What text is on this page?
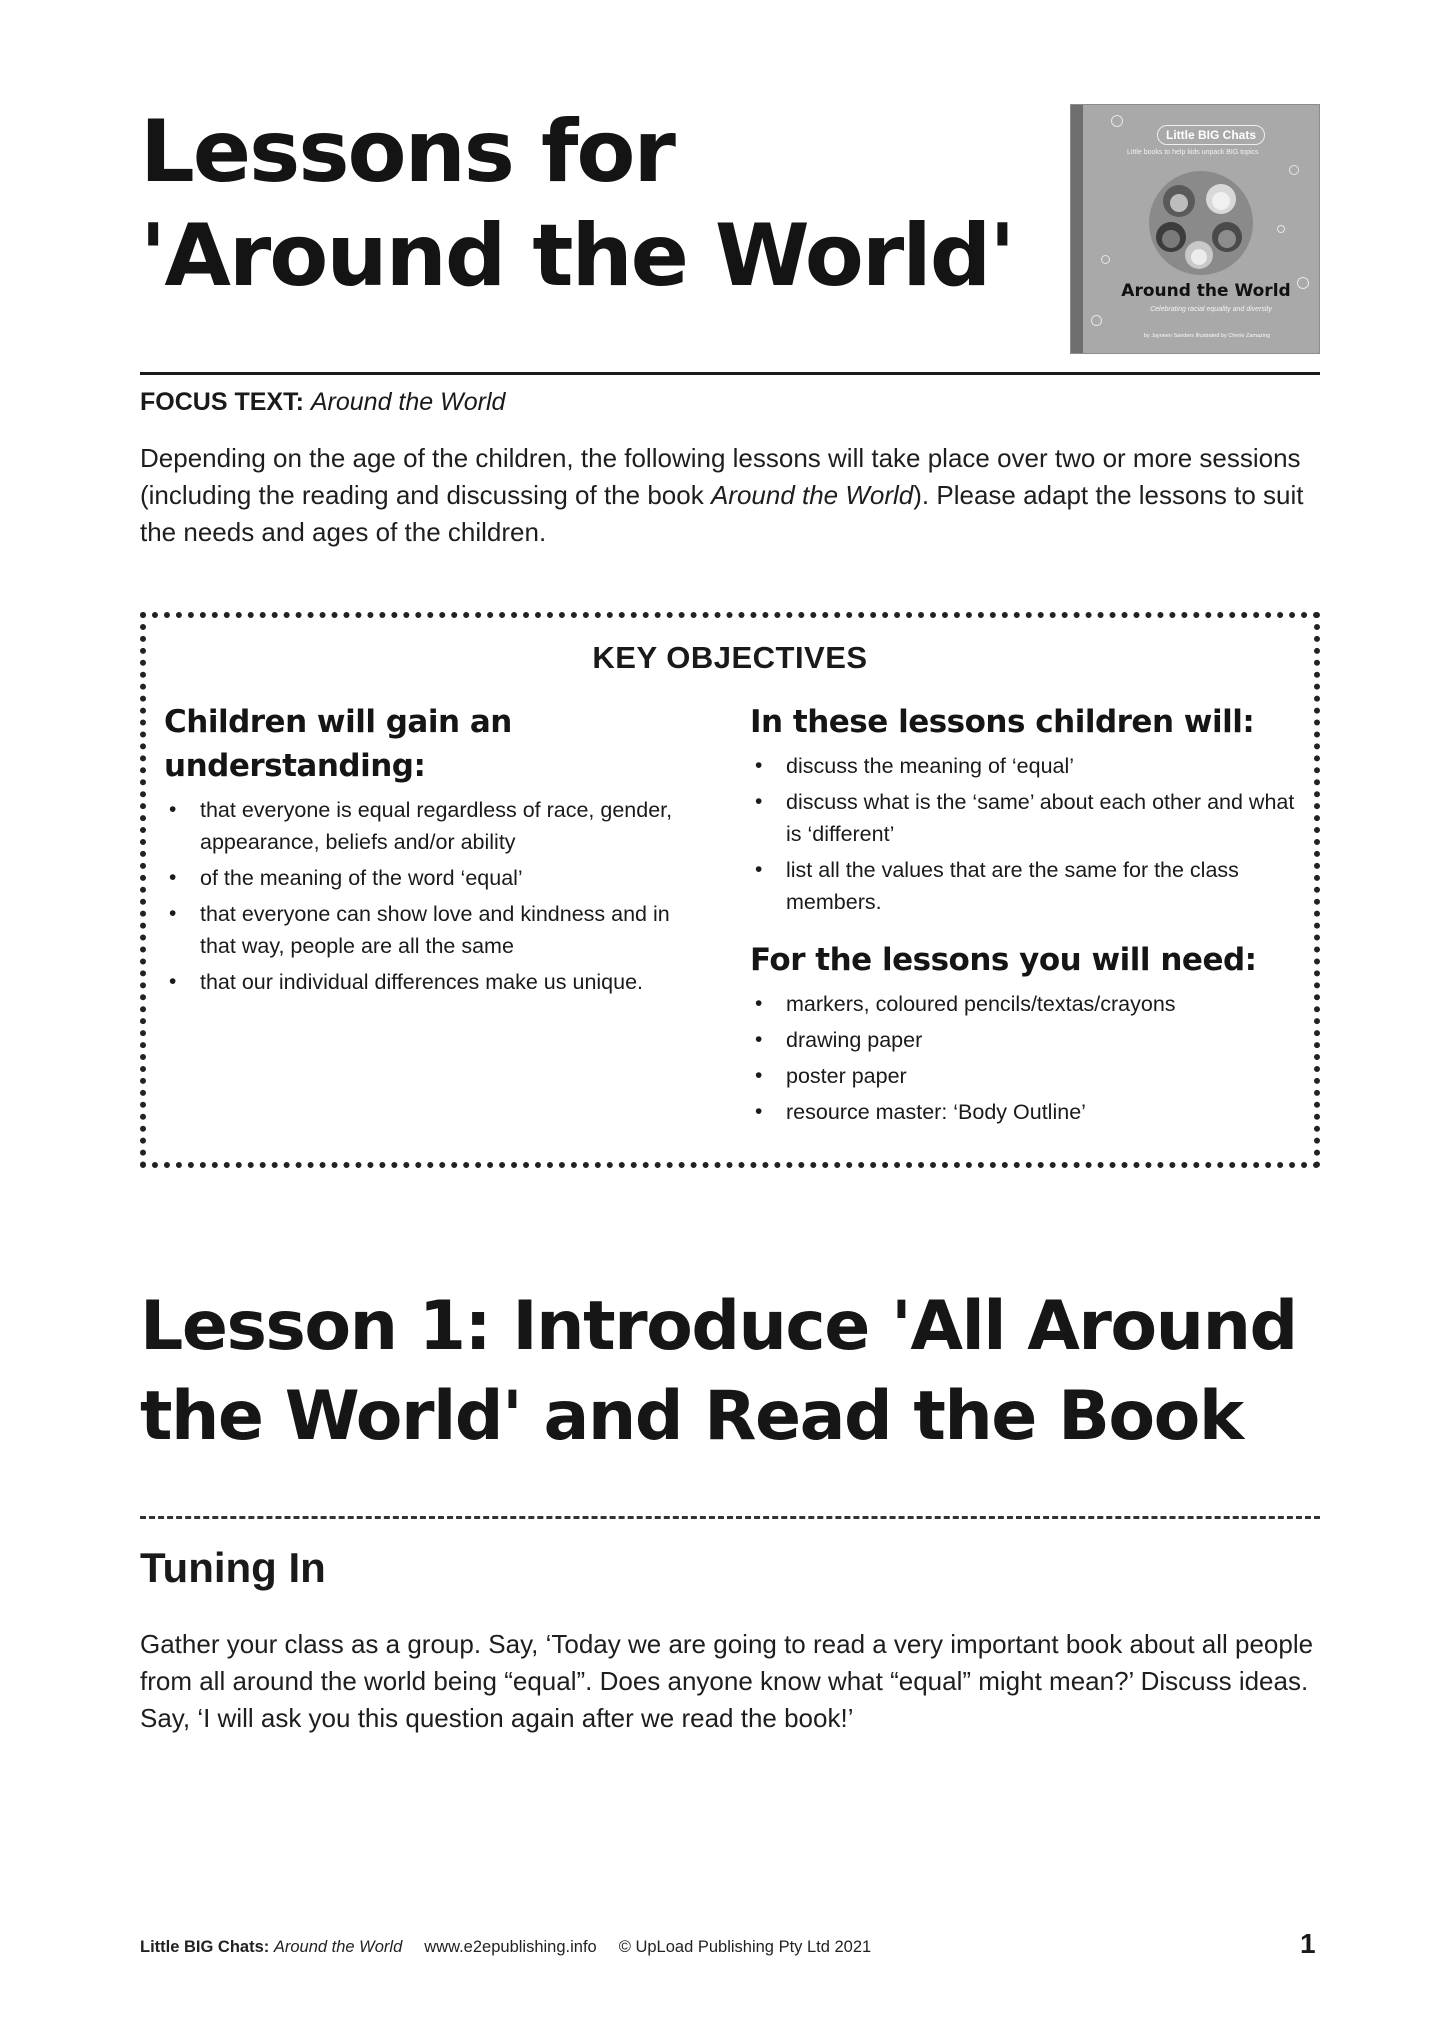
Lessons for
'Around the World'
Little BIG Chats
Little books to help kids unpack BIG topics
Around the World
Celebrating racial equality and diversity
by Jayneen Sanders Illustrated by Cherie Zamazing
FOCUS TEXT: Around the World

Depending on the age of the children, the following lessons will take place over two or more sessions (including the reading and discussing of the book Around the World). Please adapt the lessons to suit the needs and ages of the children.

KEY OBJECTIVES
Children will gain an understanding:
• that everyone is equal regardless of race, gender, appearance, beliefs and/or ability
• of the meaning of the word ‘equal’
• that everyone can show love and kindness and in that way, people are all the same
• that our individual differences make us unique.
In these lessons children will:
• discuss the meaning of ‘equal’
• discuss what is the ‘same’ about each other and what is ‘different’
• list all the values that are the same for the class members.
For the lessons you will need:
• markers, coloured pencils/textas/crayons
• drawing paper
• poster paper
• resource master: ‘Body Outline’
Lesson 1: Introduce 'All Around the World' and Read the Book
Tuning In

Gather your class as a group. Say, ‘Today we are going to read a very important book about all people from all around the world being “equal”. Does anyone know what “equal” might mean?’ Discuss ideas. Say, ‘I will ask you this question again after we read the book!’

Little BIG Chats: Around the World www.e2epublishing.info © UpLoad Publishing Pty Ltd 2021	1
